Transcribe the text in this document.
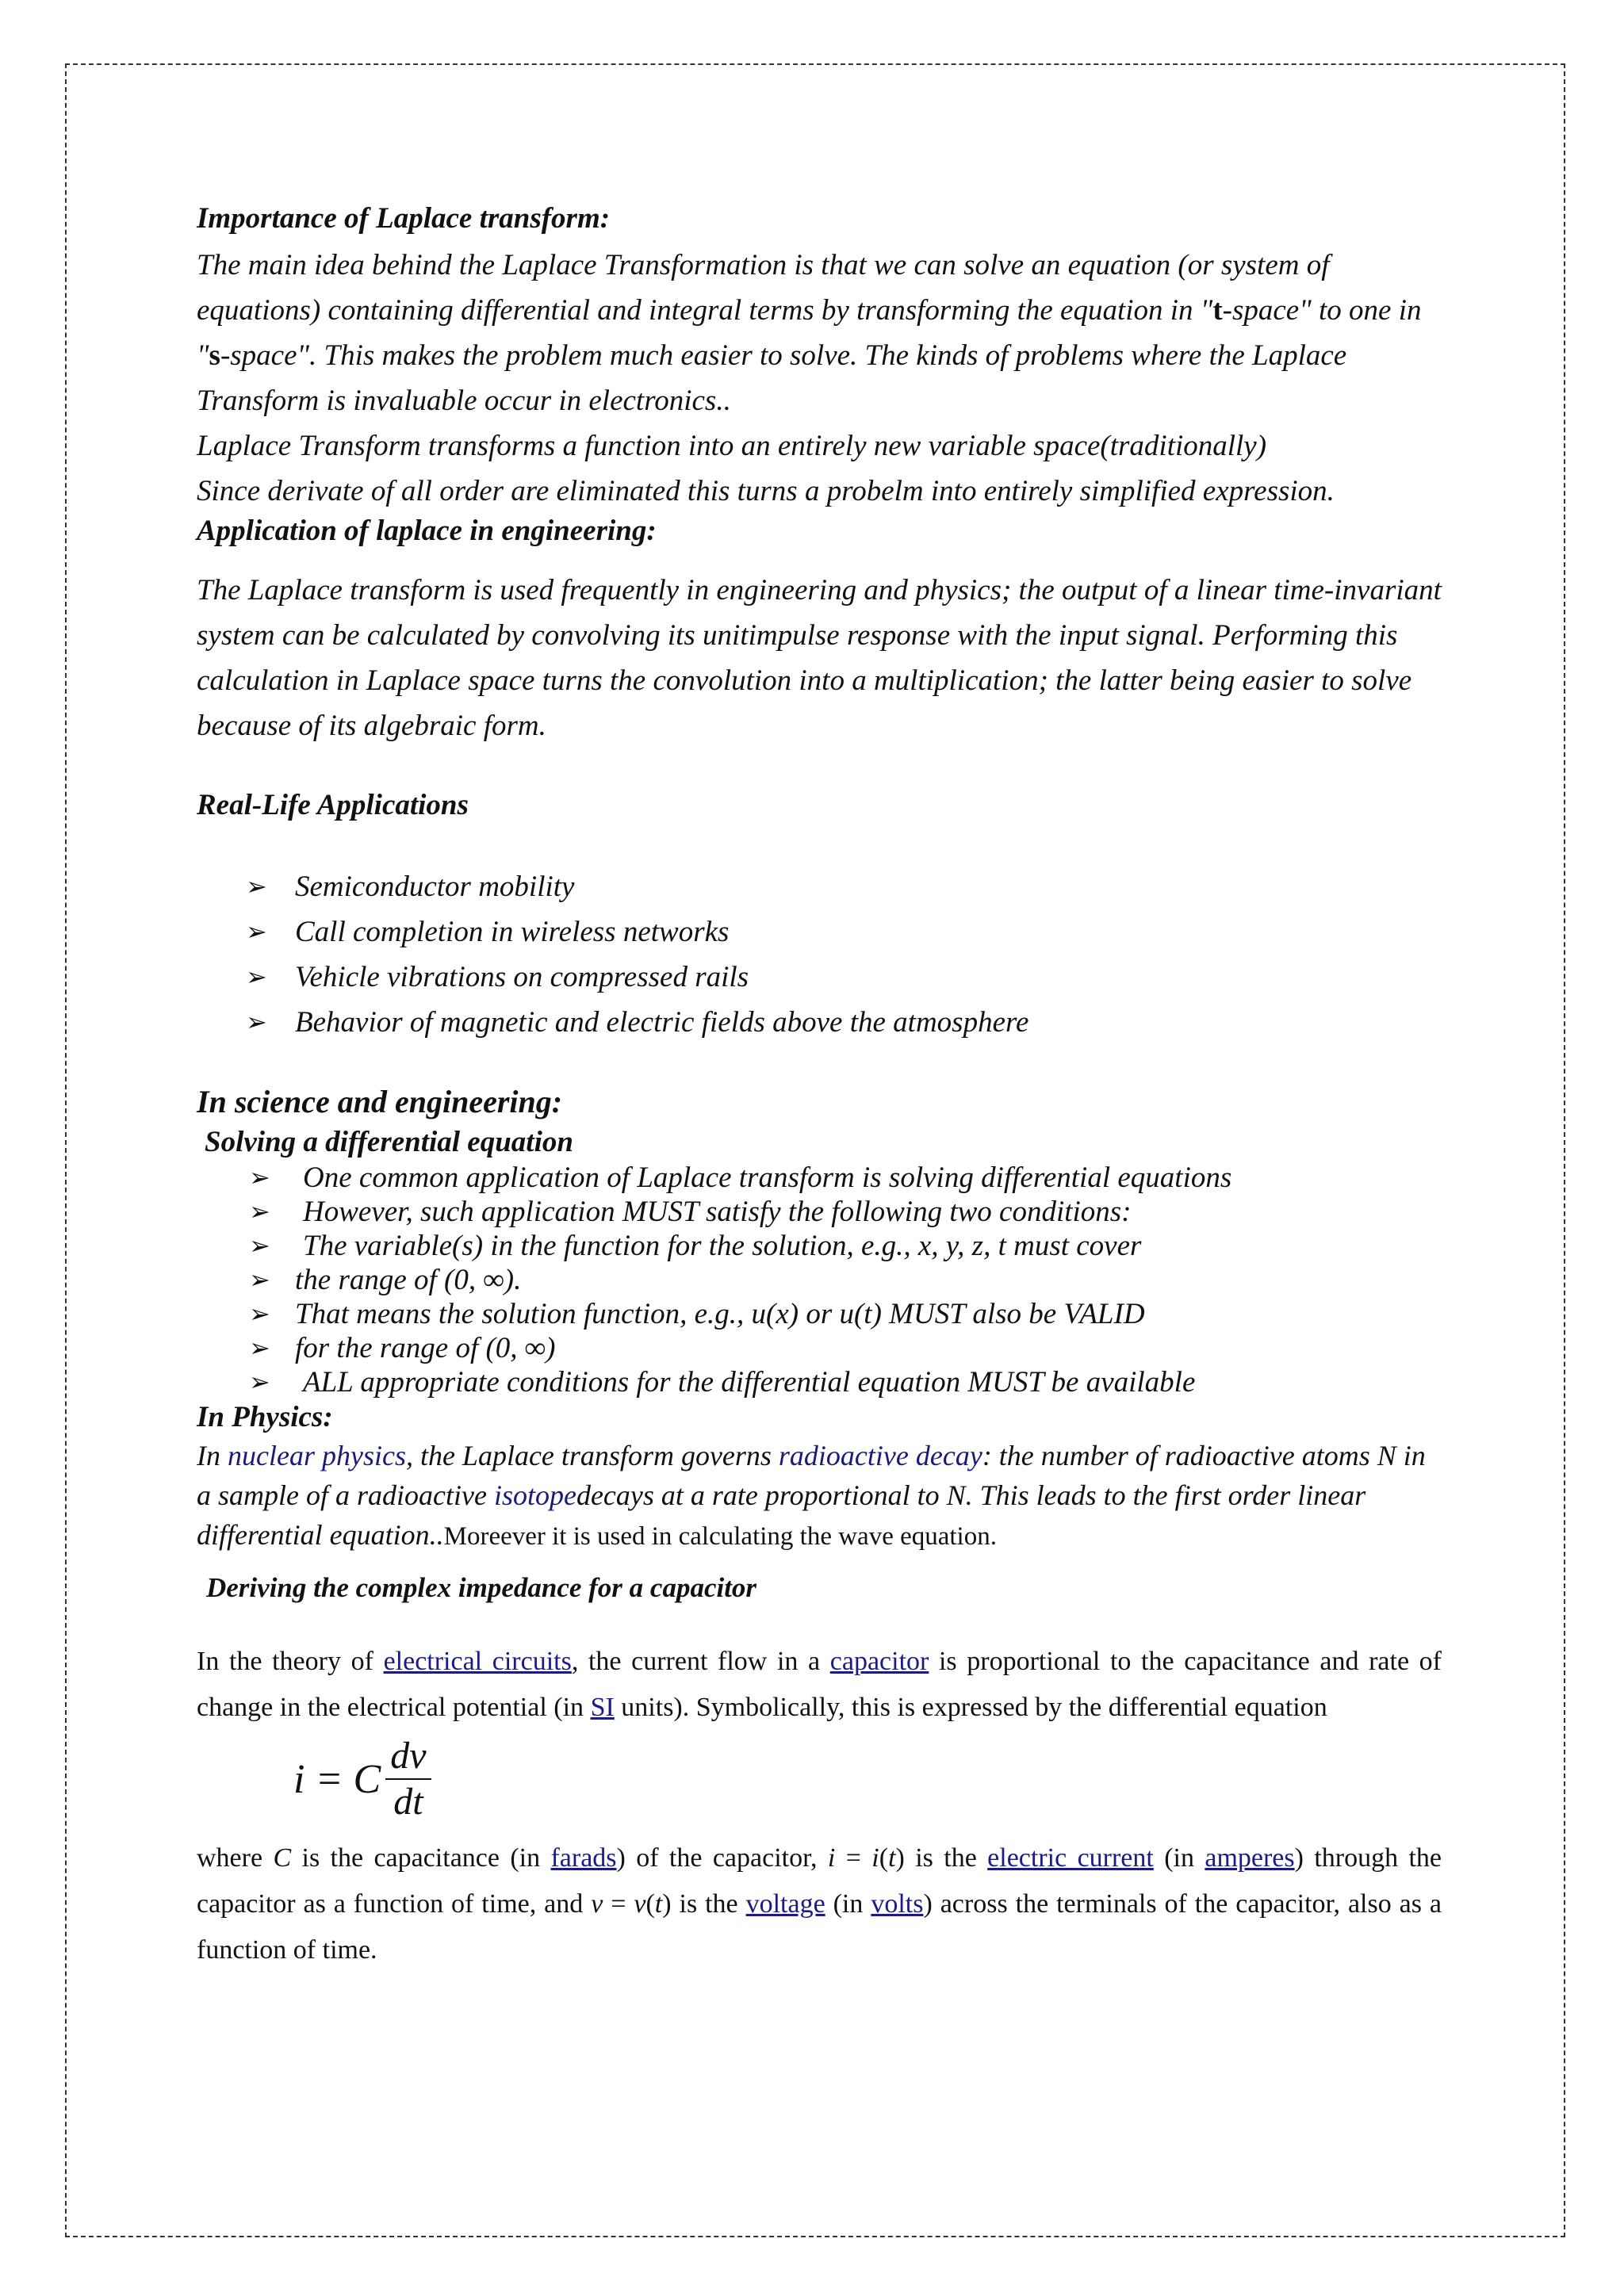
Importance of Laplace transform:

The main idea behind the Laplace Transformation is that we can solve an equation (or system of equations) containing differential and integral terms by transforming the equation in "t-space" to one in "s-space". This makes the problem much easier to solve. The kinds of problems where the Laplace Transform is invaluable occur in electronics..

Laplace Transform transforms a function into an entirely new variable space(traditionally)

Since derivate of all order are eliminated this turns a probelm into entirely simplified expression.

Application of laplace in engineering:

The Laplace transform is used frequently in engineering and physics; the output of a linear time-invariant system can be calculated by convolving its unitimpulse response with the input signal. Performing this calculation in Laplace space turns the convolution into a multiplication; the latter being easier to solve because of its algebraic form.

Real-Life Applications

➢ Semiconductor mobility
➢ Call completion in wireless networks
➢ Vehicle vibrations on compressed rails
➢ Behavior of magnetic and electric fields above the atmosphere

In science and engineering:

Solving a differential equation

➢ One common application of Laplace transform is solving differential equations
➢ However, such application MUST satisfy the following two conditions:
➢ The variable(s) in the function for the solution, e.g., x, y, z, t must cover
➢ the range of (0, ∞).
➢ That means the solution function, e.g., u(x) or u(t) MUST also be VALID
➢ for the range of (0, ∞)
➢ ALL appropriate conditions for the differential equation MUST be available

In Physics:

In nuclear physics, the Laplace transform governs radioactive decay: the number of radioactive atoms N in a sample of a radioactive isotopedecays at a rate proportional to N. This leads to the first order linear differential equation..Moreever it is used in calculating the wave equation.

Deriving the complex impedance for a capacitor

In the theory of electrical circuits, the current flow in a capacitor is proportional to the capacitance and rate of change in the electrical potential (in SI units). Symbolically, this is expressed by the differential equation

i = C $\frac{dv}{dt}$

where C is the capacitance (in farads) of the capacitor, i = i(t) is the electric current (in amperes) through the capacitor as a function of time, and v = v(t) is the voltage (in volts) across the terminals of the capacitor, also as a function of time.
